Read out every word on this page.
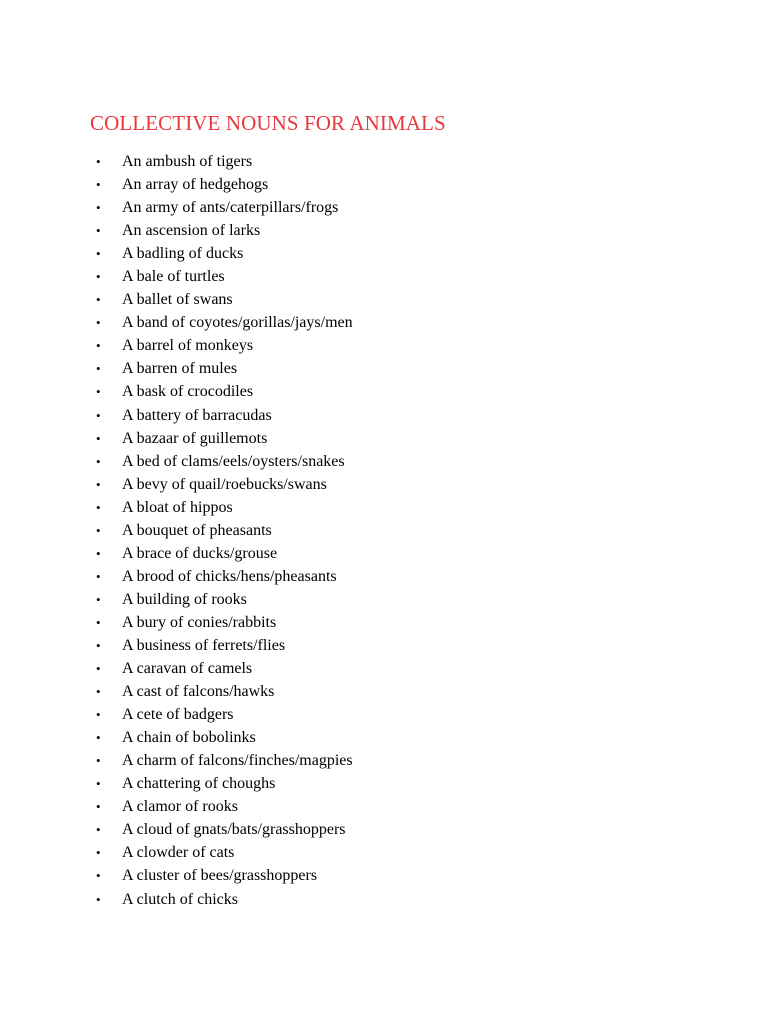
COLLECTIVE NOUNS FOR ANIMALS
• An ambush of tigers
• An array of hedgehogs
• An army of ants/caterpillars/frogs
• An ascension of larks
• A badling of ducks
• A bale of turtles
• A ballet of swans
• A band of coyotes/gorillas/jays/men
• A barrel of monkeys
• A barren of mules
• A bask of crocodiles
• A battery of barracudas
• A bazaar of guillemots
• A bed of clams/eels/oysters/snakes
• A bevy of quail/roebucks/swans
• A bloat of hippos
• A bouquet of pheasants
• A brace of ducks/grouse
• A brood of chicks/hens/pheasants
• A building of rooks
• A bury of conies/rabbits
• A business of ferrets/flies
• A caravan of camels
• A cast of falcons/hawks
• A cete of badgers
• A chain of bobolinks
• A charm of falcons/finches/magpies
• A chattering of choughs
• A clamor of rooks
• A cloud of gnats/bats/grasshoppers
• A clowder of cats
• A cluster of bees/grasshoppers
• A clutch of chicks
